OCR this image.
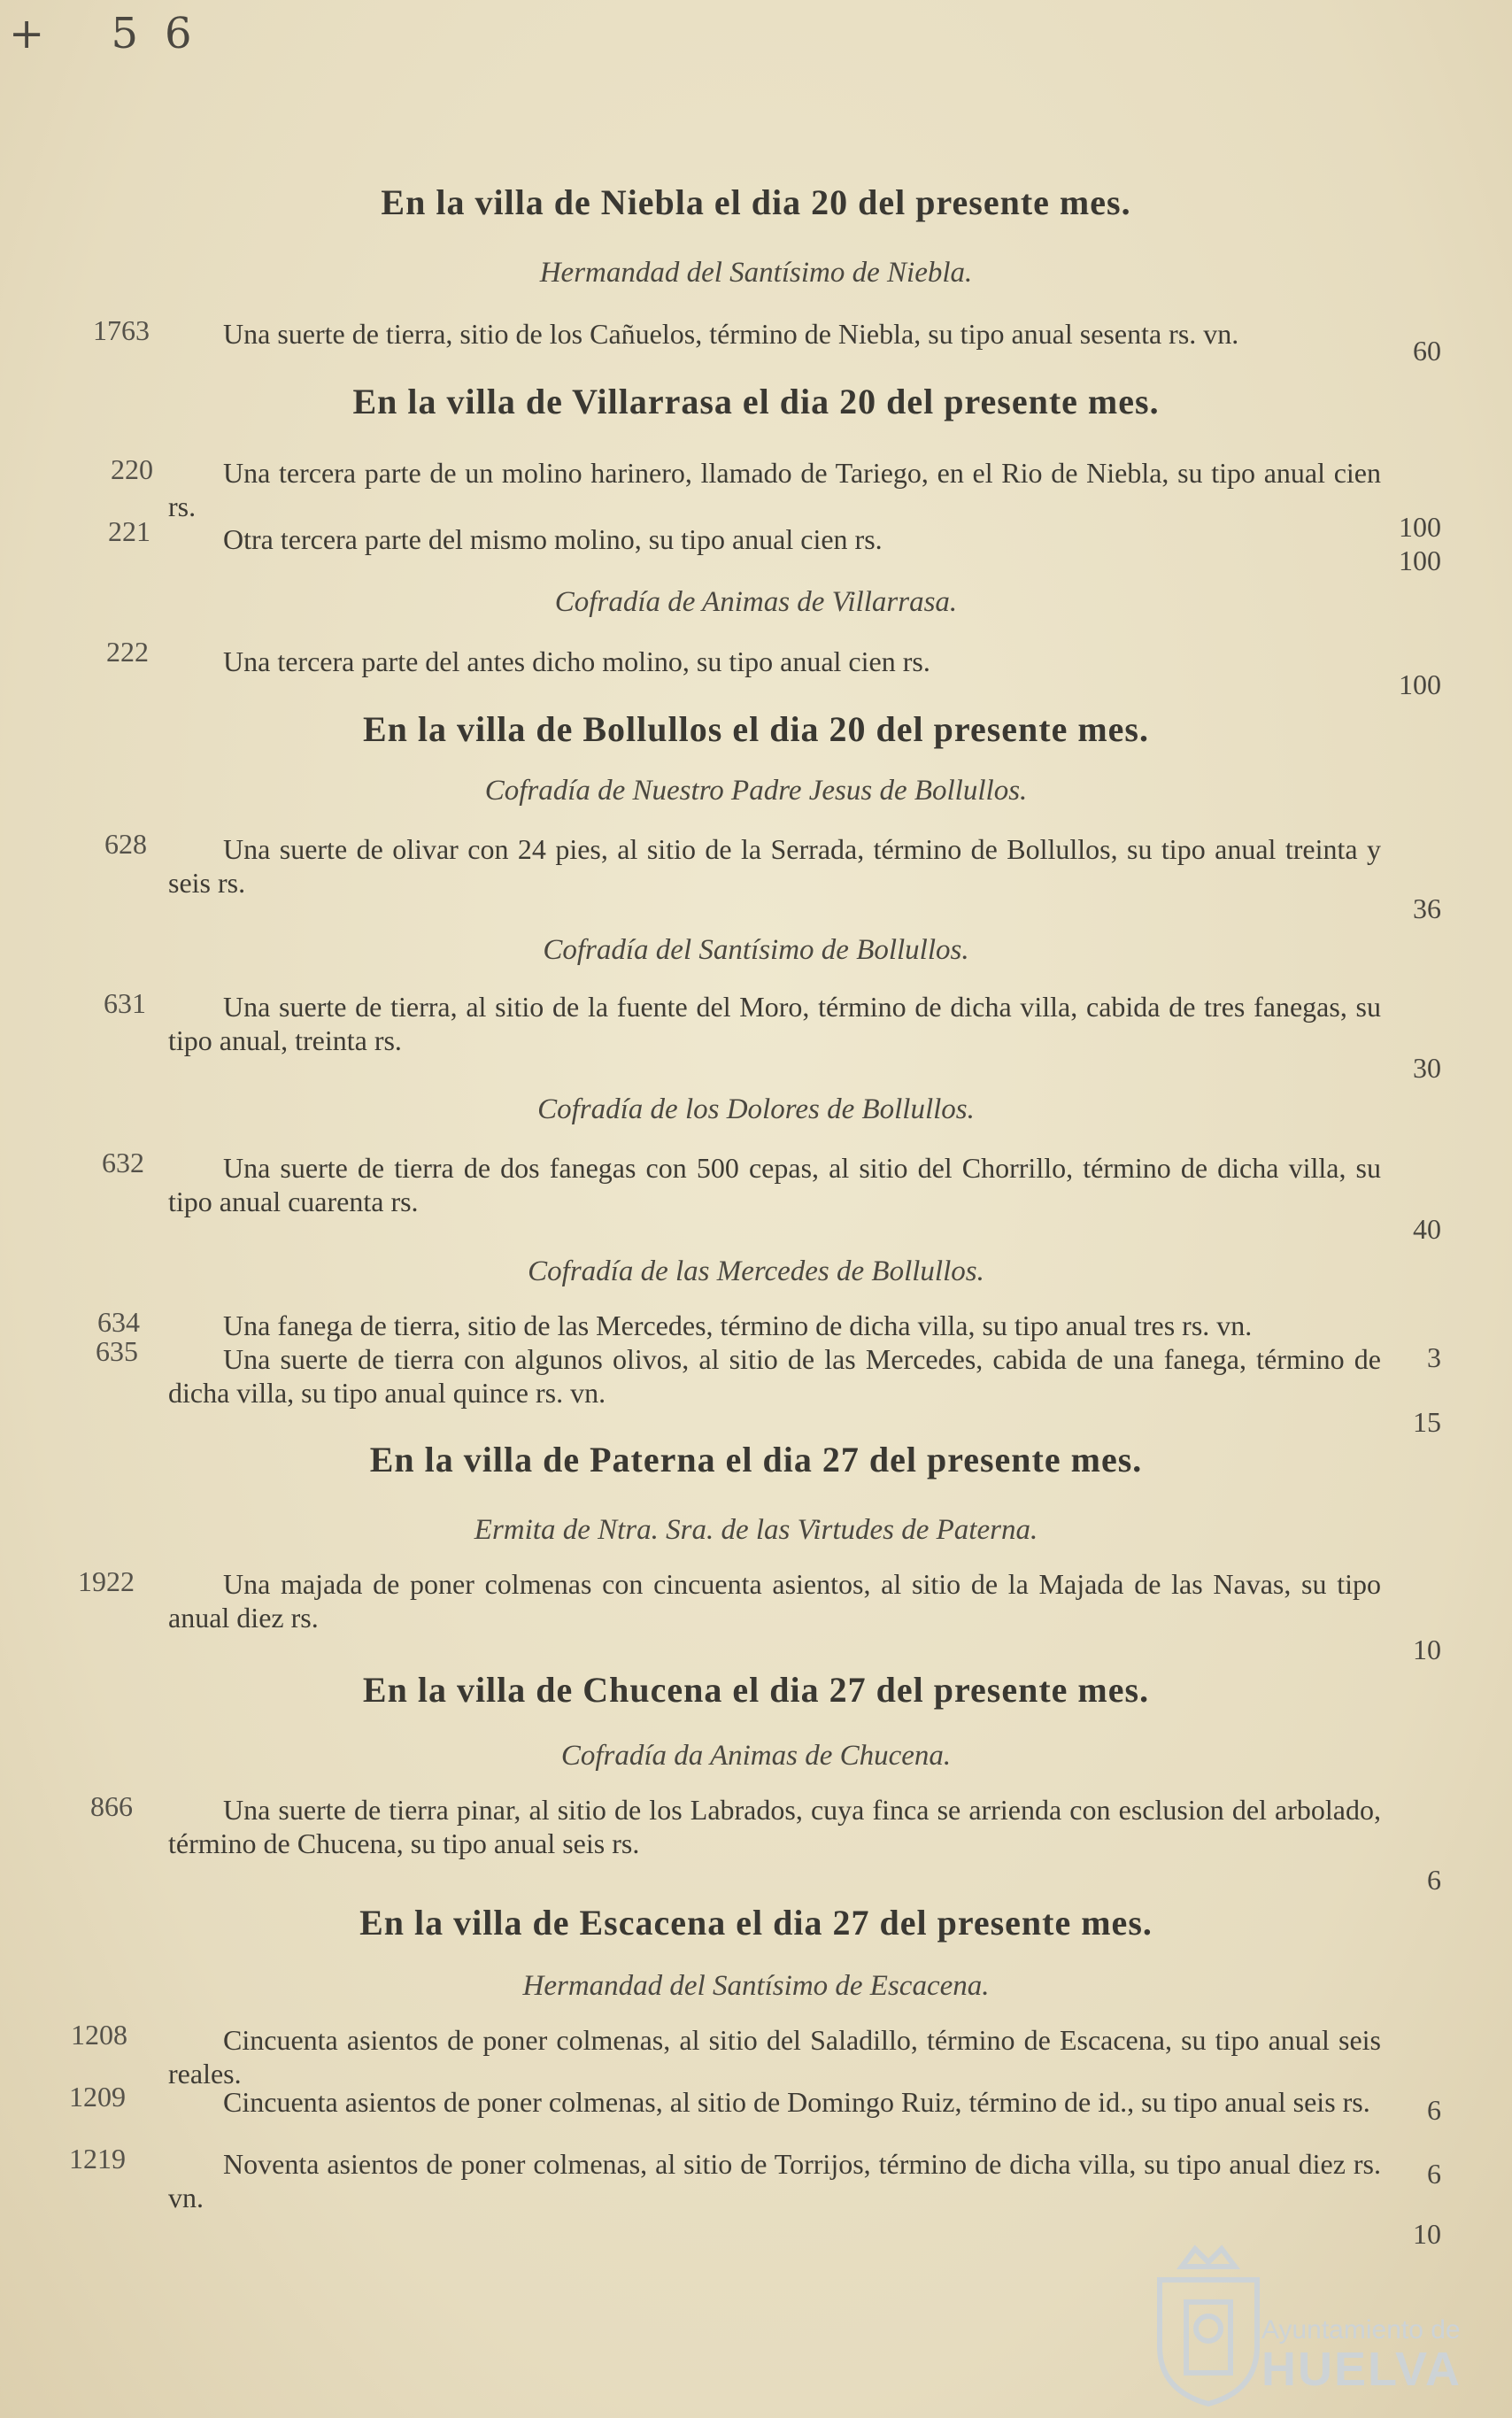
+ 56
En la villa de Niebla el dia 20 del presente mes.
Hermandad del Santísimo de Niebla.
1763	Una suerte de tierra, sitio de los Cañuelos, término de Niebla, su tipo anual sesenta rs. vn.
60
En la villa de Villarrasa el dia 20 del presente mes.
220	Una tercera parte de un molino harinero, llamado de Tariego, en el Rio de Niebla, su tipo anual cien rs.
100
221	Otra tercera parte del mismo molino, su tipo anual cien rs.
100
Cofradía de Animas de Villarrasa.
222	Una tercera parte del antes dicho molino, su tipo anual cien rs.
100
En la villa de Bollullos el dia 20 del presente mes.
Cofradía de Nuestro Padre Jesus de Bollullos.
628	Una suerte de olivar con 24 pies, al sitio de la Serrada, término de Bollullos, su tipo anual treinta y seis rs.
36
Cofradía del Santísimo de Bollullos.
631	Una suerte de tierra, al sitio de la fuente del Moro, término de dicha villa, cabida de tres fanegas, su tipo anual, treinta rs.
30
Cofradía de los Dolores de Bollullos.
632	Una suerte de tierra de dos fanegas con 500 cepas, al sitio del Chorrillo, término de dicha villa, su tipo anual cuarenta rs.
40
Cofradía de las Mercedes de Bollullos.
634	Una fanega de tierra, sitio de las Mercedes, término de dicha villa, su tipo anual tres rs. vn.
3
635	Una suerte de tierra con algunos olivos, al sitio de las Mercedes, cabida de una fanega, término de dicha villa, su tipo anual quince rs. vn.
15
En la villa de Paterna el dia 27 del presente mes.
Ermita de Ntra. Sra. de las Virtudes de Paterna.
1922	Una majada de poner colmenas con cincuenta asientos, al sitio de la Majada de las Navas, su tipo anual diez rs.
10
En la villa de Chucena el dia 27 del presente mes.
Cofradía da Animas de Chucena.
866	Una suerte de tierra pinar, al sitio de los Labrados, cuya finca se arrienda con esclusion del arbolado, término de Chucena, su tipo anual seis rs.
6
En la villa de Escacena el dia 27 del presente mes.
Hermandad del Santísimo de Escacena.
1208	Cincuenta asientos de poner colmenas, al sitio del Saladillo, término de Escacena, su tipo anual seis reales.
6
1209	Cincuenta asientos de poner colmenas, al sitio de Domingo Ruiz, término de id., su tipo anual seis rs.
6
1219	Noventa asientos de poner colmenas, al sitio de Torrijos, término de dicha villa, su tipo anual diez rs. vn.
10
Ayuntamiento de
HUELVA
